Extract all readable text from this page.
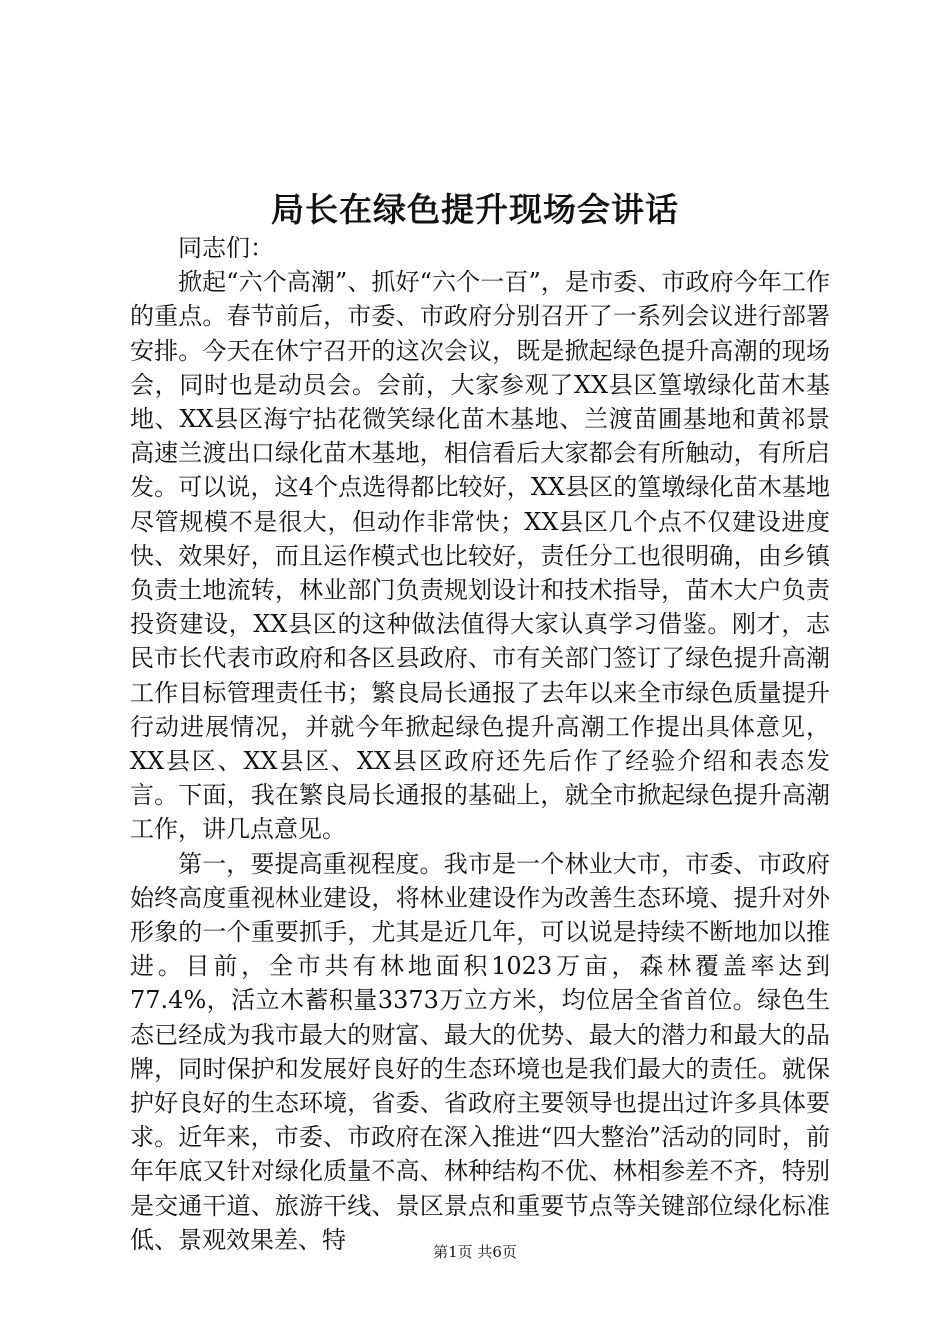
局长在绿色提升现场会讲话

同志们：

掀起“六个高潮”、抓好“六个一百”，是市委、市政府今年工作的重点。春节前后，市委、市政府分别召开了一系列会议进行部署安排。今天在休宁召开的这次会议，既是掀起绿色提升高潮的现场会，同时也是动员会。会前，大家参观了XX县区篁墩绿化苗木基地、XX县区海宁拈花微笑绿化苗木基地、兰渡苗圃基地和黄祁景高速兰渡出口绿化苗木基地，相信看后大家都会有所触动，有所启发。可以说，这4个点选得都比较好，XX县区的篁墩绿化苗木基地尽管规模不是很大，但动作非常快；XX县区几个点不仅建设进度快、效果好，而且运作模式也比较好，责任分工也很明确，由乡镇负责土地流转，林业部门负责规划设计和技术指导，苗木大户负责投资建设，XX县区的这种做法值得大家认真学习借鉴。刚才，志民市长代表市政府和各区县政府、市有关部门签订了绿色提升高潮工作目标管理责任书；繁良局长通报了去年以来全市绿色质量提升行动进展情况，并就今年掀起绿色提升高潮工作提出具体意见，XX县区、XX县区、XX县区政府还先后作了经验介绍和表态发言。下面，我在繁良局长通报的基础上，就全市掀起绿色提升高潮工作，讲几点意见。

第一，要提高重视程度。我市是一个林业大市，市委、市政府始终高度重视林业建设，将林业建设作为改善生态环境、提升对外形象的一个重要抓手，尤其是近几年，可以说是持续不断地加以推进。目前，全市共有林地面积1023万亩，森林覆盖率达到77.4%，活立木蓄积量3373万立方米，均位居全省首位。绿色生态已经成为我市最大的财富、最大的优势、最大的潜力和最大的品牌，同时保护和发展好良好的生态环境也是我们最大的责任。就保护好良好的生态环境，省委、省政府主要领导也提出过许多具体要求。近年来，市委、市政府在深入推进“四大整治”活动的同时，前年年底又针对绿化质量不高、林种结构不优、林相参差不齐，特别是交通干道、旅游干线、景区景点和重要节点等关键部位绿化标准低、景观效果差、特	第1页 共6页
